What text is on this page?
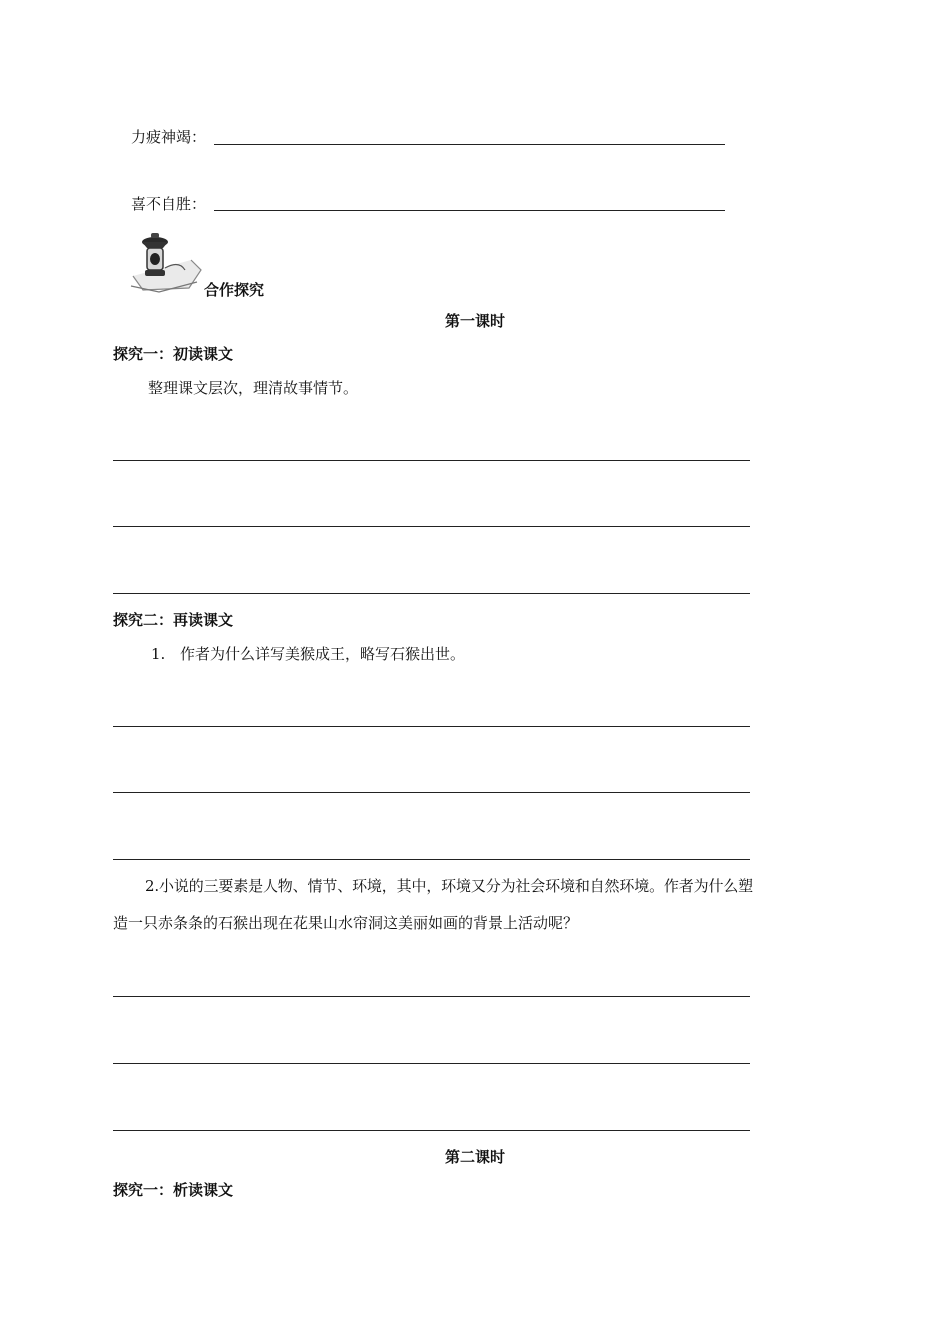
力疲神竭：
喜不自胜：
合作探究
第一课时
探究一：初读课文
整理课文层次，理清故事情节。
探究二：再读课文
1. 作者为什么详写美猴成王，略写石猴出世。
2.小说的三要素是人物、情节、环境，其中，环境又分为社会环境和自然环境。作者为什么塑
造一只赤条条的石猴出现在花果山水帘洞这美丽如画的背景上活动呢？
第二课时
探究一：析读课文
